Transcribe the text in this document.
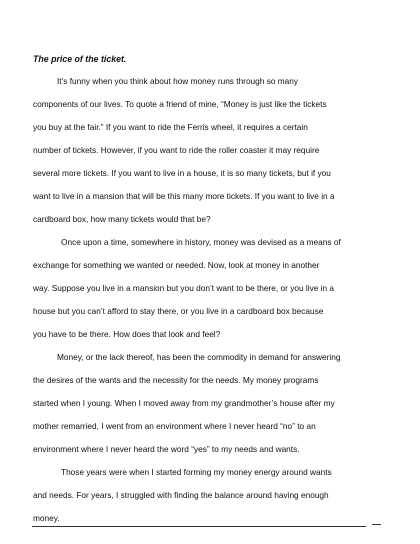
The price of the ticket.
It’s funny when you think about how money runs through so many
components of our lives. To quote a friend of mine, “Money is just like the tickets
you buy at the fair.” If you want to ride the Ferris wheel, it requires a certain
number of tickets. However, if you want to ride the roller coaster it may require
several more tickets. If you want to live in a house, it is so many tickets, but if you
want to live in a mansion that will be this many more tickets. If you want to live in a
cardboard box, how many tickets would that be?
Once upon a time, somewhere in history, money was devised as a means of
exchange for something we wanted or needed. Now, look at money in another
way. Suppose you live in a mansion but you don’t want to be there, or you live in a
house but you can’t afford to stay there, or you live in a cardboard box because
you have to be there. How does that look and feel?
Money, or the lack thereof, has been the commodity in demand for answering
the desires of the wants and the necessity for the needs. My money programs
started when I young. When I moved away from my grandmother’s house after my
mother remarried, I went from an environment where I never heard “no” to an
environment where I never heard the word “yes” to my needs and wants.
Those years were when I started forming my money energy around wants
and needs. For years, I struggled with finding the balance around having enough
money.
